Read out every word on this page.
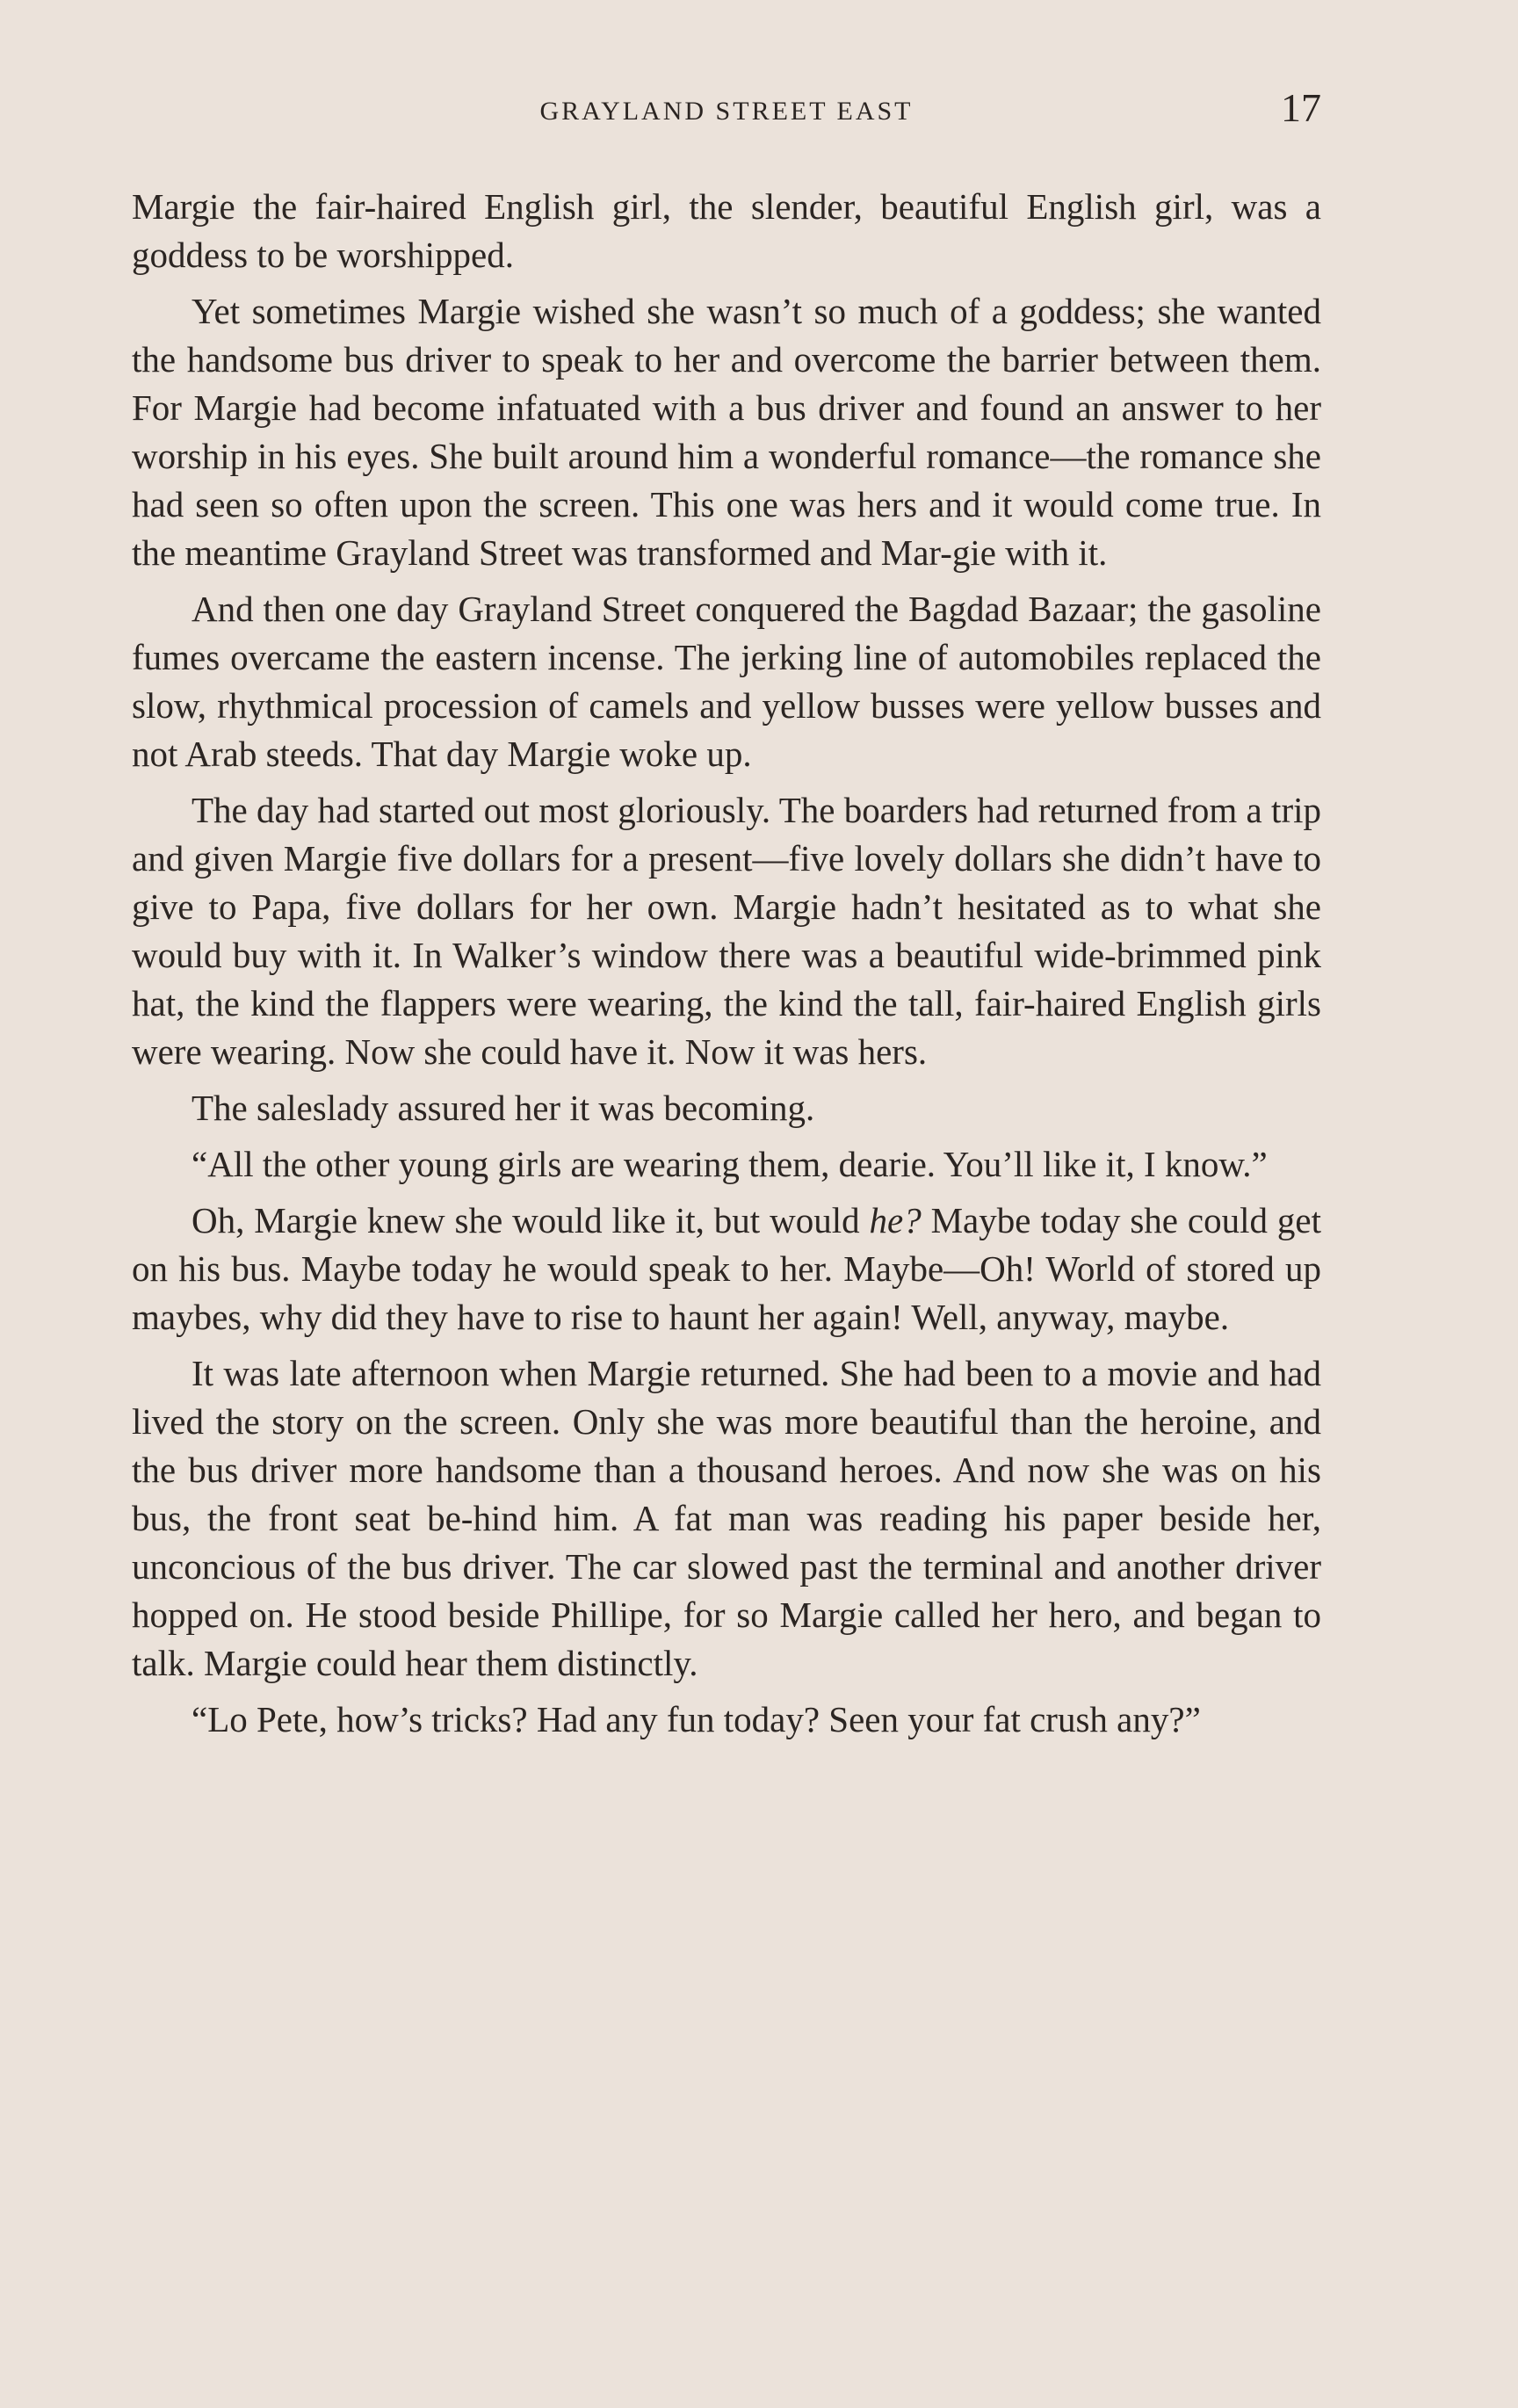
GRAYLAND STREET EAST	17

Margie the fair-haired English girl, the slender, beautiful English girl, was a goddess to be worshipped.

Yet sometimes Margie wished she wasn’t so much of a goddess; she wanted the handsome bus driver to speak to her and overcome the barrier between them. For Margie had become infatuated with a bus driver and found an answer to her worship in his eyes. She built around him a wonderful romance—the romance she had seen so often upon the screen. This one was hers and it would come true. In the meantime Grayland Street was transformed and Mar-gie with it.

And then one day Grayland Street conquered the Bagdad Bazaar; the gasoline fumes overcame the eastern incense. The jerking line of automobiles replaced the slow, rhythmical procession of camels and yellow busses were yellow busses and not Arab steeds. That day Margie woke up.

The day had started out most gloriously. The boarders had returned from a trip and given Margie five dollars for a present—five lovely dollars she didn’t have to give to Papa, five dollars for her own. Margie hadn’t hesitated as to what she would buy with it. In Walker’s window there was a beautiful wide-brimmed pink hat, the kind the flappers were wearing, the kind the tall, fair-haired English girls were wearing. Now she could have it. Now it was hers.

The saleslady assured her it was becoming.

“All the other young girls are wearing them, dearie. You’ll like it, I know.”

Oh, Margie knew she would like it, but would he? Maybe today she could get on his bus. Maybe today he would speak to her. Maybe—Oh! World of stored up maybes, why did they have to rise to haunt her again! Well, anyway, maybe.

It was late afternoon when Margie returned. She had been to a movie and had lived the story on the screen. Only she was more beautiful than the heroine, and the bus driver more handsome than a thousand heroes. And now she was on his bus, the front seat be-hind him. A fat man was reading his paper beside her, unconcious of the bus driver. The car slowed past the terminal and another driver hopped on. He stood beside Phillipe, for so Margie called her hero, and began to talk. Margie could hear them distinctly.

“Lo Pete, how’s tricks? Had any fun today? Seen your fat crush any?”
